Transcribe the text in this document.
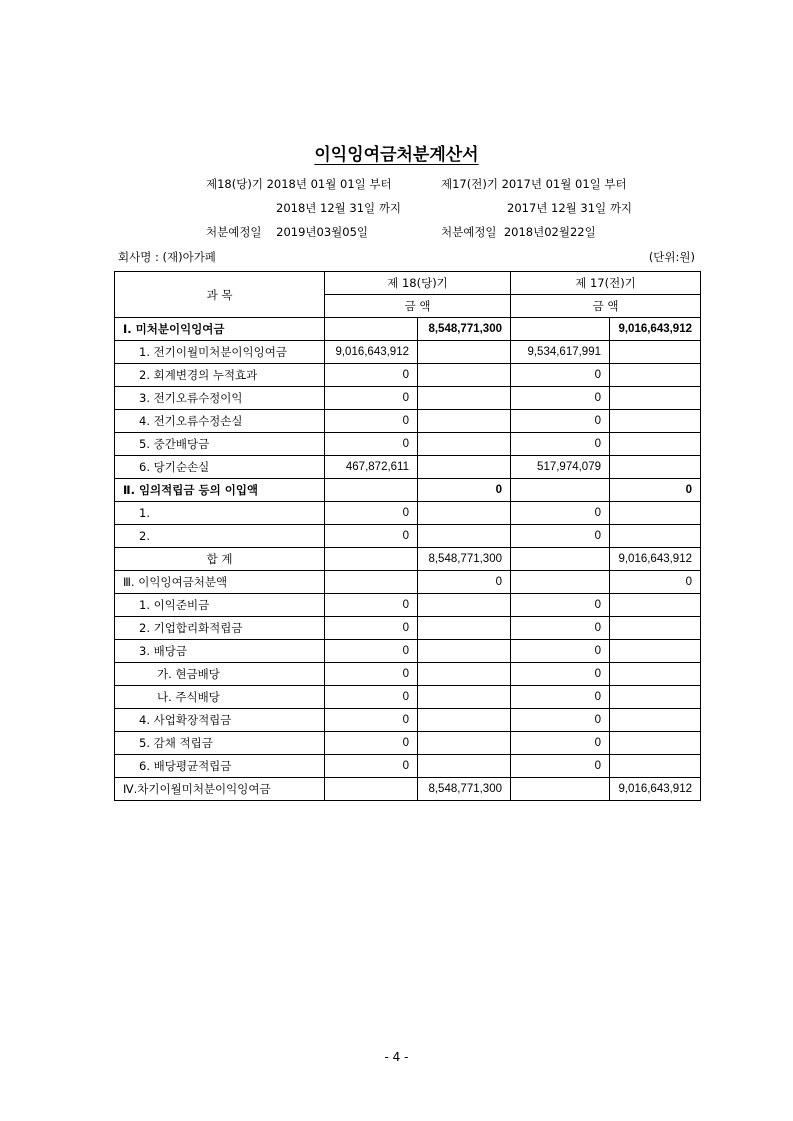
이익잉여금처분계산서
제18(당)기 2018년 01월 01일 부터
2018년 12월 31일 까지
처분예정일    2019년03월05일
제17(전)기 2017년 01월 01일 부터
2017년 12월 31일 까지
처분예정일  2018년02월22일
회사명 : (재)아가페	(단위:원)
과 목	제 18(당)기		제 17(전)기	
	금 액		금 액	
Ⅰ. 미처분이익잉여금		8,548,771,300		9,016,643,912
1. 전기이월미처분이익잉여금	9,016,643,912		9,534,617,991	
2. 회계변경의 누적효과	0		0	
3. 전기오류수정이익	0		0	
4. 전기오류수정손실	0		0	
5. 중간배당금	0		0	
6. 당기순손실	467,872,611		517,974,079	
Ⅱ. 임의적립금 등의 이입액		0		0
1.	0		0	
2.	0		0	
합 계		8,548,771,300		9,016,643,912
Ⅲ. 이익잉여금처분액		0		0
1. 이익준비금	0		0	
2. 기업합리화적립금	0		0	
3. 배당금	0		0	
가. 현금배당	0		0	
나. 주식배당	0		0	
4. 사업확장적립금	0		0	
5. 감채 적립금	0		0	
6. 배당평균적립금	0		0	
Ⅳ.차기이월미처분이익잉여금		8,548,771,300		9,016,643,912
- 4 -
